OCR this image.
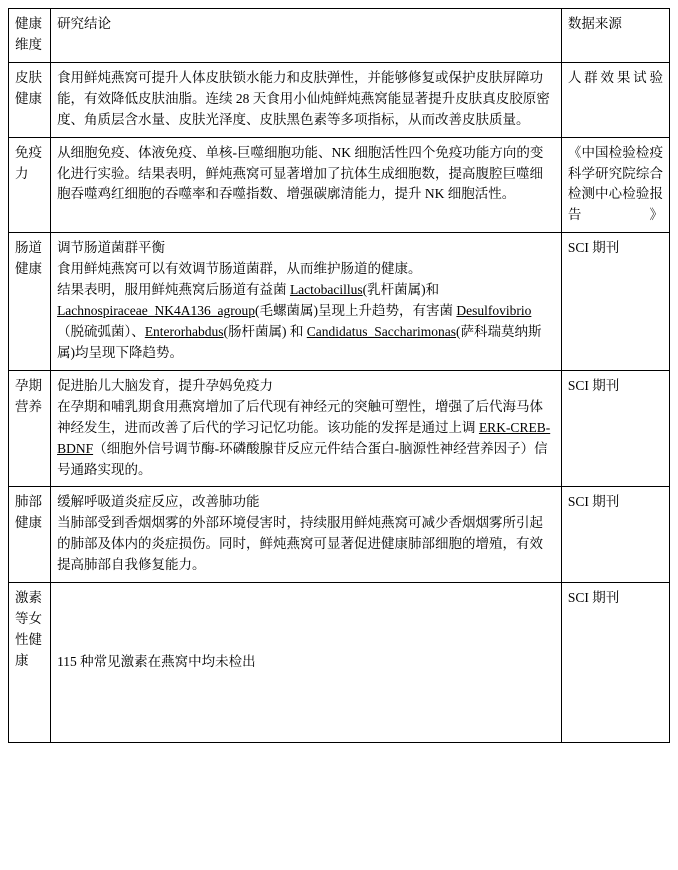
健康维度	研究结论	数据来源
皮肤健康	食用鲜炖燕窝可提升人体皮肤锁水能力和皮肤弹性，并能够修复或保护皮肤屏障功能，有效降低皮肤油脂。连续 28 天食用小仙炖鲜炖燕窝能显著提升皮肤真皮胶原密度、角质层含水量、皮肤光泽度、皮肤黑色素等多项指标，从而改善皮肤质量。	人群效果试验
免疫力	从细胞免疫、体液免疫、单核-巨噬细胞功能、NK 细胞活性四个免疫功能方向的变化进行实验。结果表明，鲜炖燕窝可显著增加了抗体生成细胞数，提高腹腔巨噬细胞吞噬鸡红细胞的吞噬率和吞噬指数、增强碳廓清能力，提升 NK 细胞活性。	《中国检验检疫科学研究院综合检测中心检验报告》
肠道健康	调节肠道菌群平衡

食用鲜炖燕窝可以有效调节肠道菌群，从而维护肠道的健康。

结果表明，服用鲜炖燕窝后肠道有益菌 Lactobacillus(乳杆菌属)和 Lachnospiraceae_NK4A136_agroup(毛螺菌属)呈现上升趋势，有害菌 Desulfovibrio（脱硫弧菌）、Enterorhabdus(肠杆菌属) 和 Candidatus_Saccharimonas(萨科瑞莫纳斯属)均呈现下降趋势。	SCI 期刊
孕期营养	促进胎儿大脑发育，提升孕妈免疫力

在孕期和哺乳期食用燕窝增加了后代现有神经元的突触可塑性，增强了后代海马体神经发生，进而改善了后代的学习记忆功能。该功能的发挥是通过上调 ERK-CREB-BDNF（细胞外信号调节酶-环磷酸腺苷反应元件结合蛋白-脑源性神经营养因子）信号通路实现的。	SCI 期刊
肺部健康	缓解呼吸道炎症反应，改善肺功能

当肺部受到香烟烟雾的外部环境侵害时，持续服用鲜炖燕窝可减少香烟烟雾所引起的肺部及体内的炎症损伤。同时，鲜炖燕窝可显著促进健康肺部细胞的增殖，有效提高肺部自我修复能力。	SCI 期刊
激素等女性健康	115 种常见激素在燕窝中均未检出	SCI 期刊
